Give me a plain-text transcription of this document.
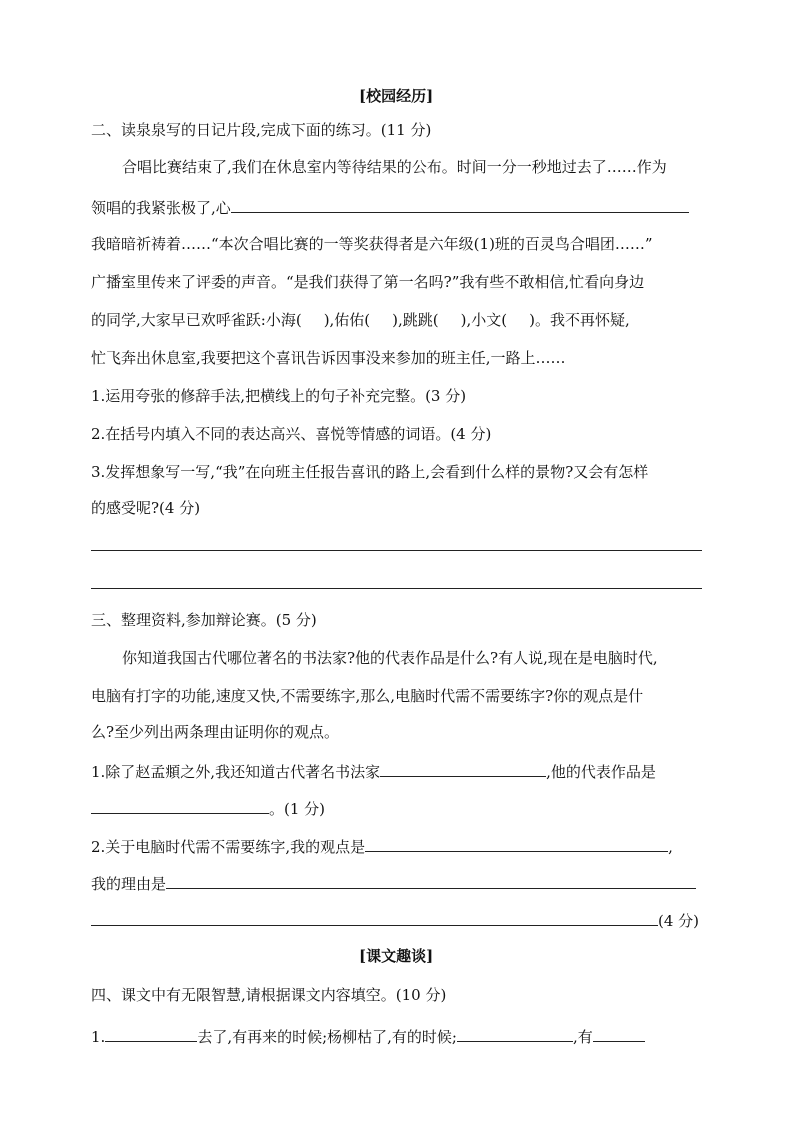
[校园经历]
二、读泉泉写的日记片段,完成下面的练习。(11 分)
合唱比赛结束了,我们在休息室内等待结果的公布。时间一分一秒地过去了……作为
领唱的我紧张极了,心
我暗暗祈祷着……“本次合唱比赛的一等奖获得者是六年级(1)班的百灵鸟合唱团……”
广播室里传来了评委的声音。“是我们获得了第一名吗?”我有些不敢相信,忙看向身边
的同学,大家早已欢呼雀跃:小海( ),佑佑( ),跳跳( ),小文( )。我不再怀疑,
忙飞奔出休息室,我要把这个喜讯告诉因事没来参加的班主任,一路上……
1.运用夸张的修辞手法,把横线上的句子补充完整。(3 分)
2.在括号内填入不同的表达高兴、喜悦等情感的词语。(4 分)
3.发挥想象写一写,“我”在向班主任报告喜讯的路上,会看到什么样的景物?又会有怎样
的感受呢?(4 分)
三、整理资料,参加辩论赛。(5 分)
你知道我国古代哪位著名的书法家?他的代表作品是什么?有人说,现在是电脑时代,
电脑有打字的功能,速度又快,不需要练字,那么,电脑时代需不需要练字?你的观点是什
么?至少列出两条理由证明你的观点。
1.除了赵孟頫之外,我还知道古代著名书法家	,他的代表作品是
。(1 分)
2.关于电脑时代需不需要练字,我的观点是	,
我的理由是
(4 分)
[课文趣谈]
四、课文中有无限智慧,请根据课文内容填空。(10 分)
1.	去了,有再来的时候;杨柳枯了,有的时候;	,有
